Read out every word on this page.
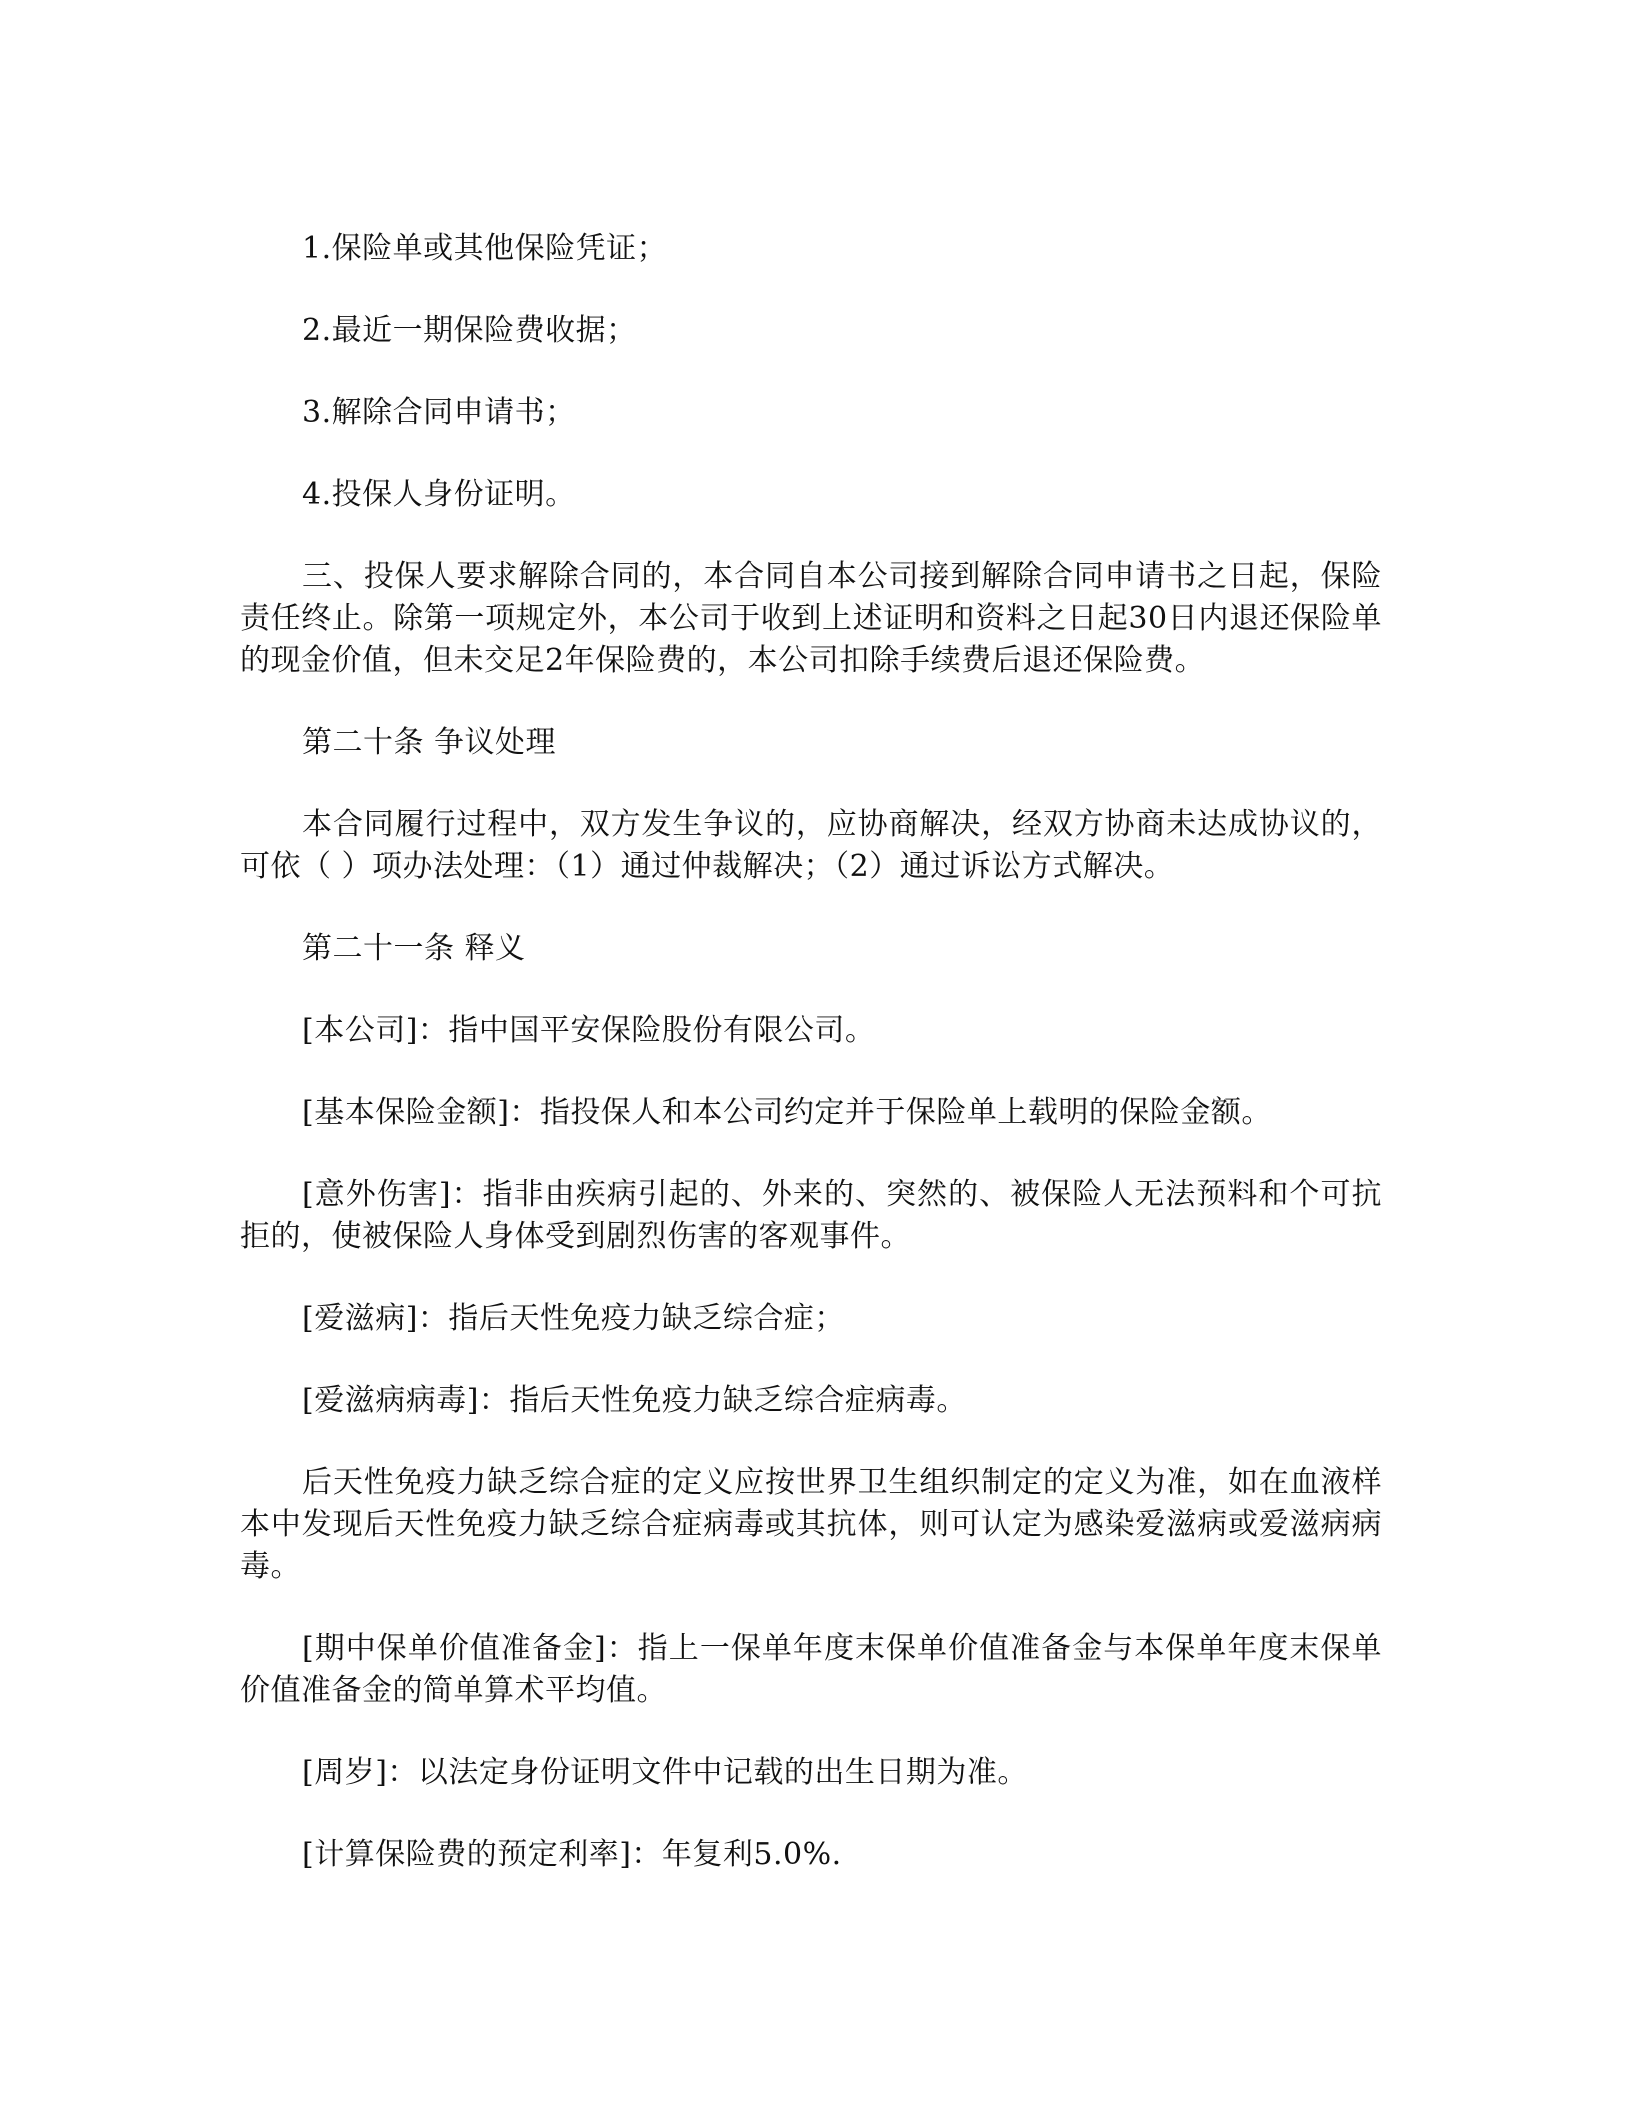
1.保险单或其他保险凭证；

2.最近一期保险费收据；

3.解除合同申请书；

4.投保人身份证明。

三、投保人要求解除合同的，本合同自本公司接到解除合同申请书之日起，保险责任终止。除第一项规定外，本公司于收到上述证明和资料之日起30日内退还保险单的现金价值，但未交足2年保险费的，本公司扣除手续费后退还保险费。

第二十条 争议处理

本合同履行过程中，双方发生争议的，应协商解决，经双方协商未达成协议的，可依（ ）项办法处理：（1）通过仲裁解决；（2）通过诉讼方式解决。

第二十一条 释义

[本公司]：指中国平安保险股份有限公司。

[基本保险金额]：指投保人和本公司约定并于保险单上载明的保险金额。

[意外伤害]：指非由疾病引起的、外来的、突然的、被保险人无法预料和个可抗拒的，使被保险人身体受到剧烈伤害的客观事件。

[爱滋病]：指后天性免疫力缺乏综合症；

[爱滋病病毒]：指后天性免疫力缺乏综合症病毒。

后天性免疫力缺乏综合症的定义应按世界卫生组织制定的定义为准，如在血液样本中发现后天性免疫力缺乏综合症病毒或其抗体，则可认定为感染爱滋病或爱滋病病毒。

[期中保单价值准备金]：指上一保单年度末保单价值准备金与本保单年度末保单价值准备金的简单算术平均值。

[周岁]：以法定身份证明文件中记载的出生日期为准。

[计算保险费的预定利率]：年复利5.0%.
